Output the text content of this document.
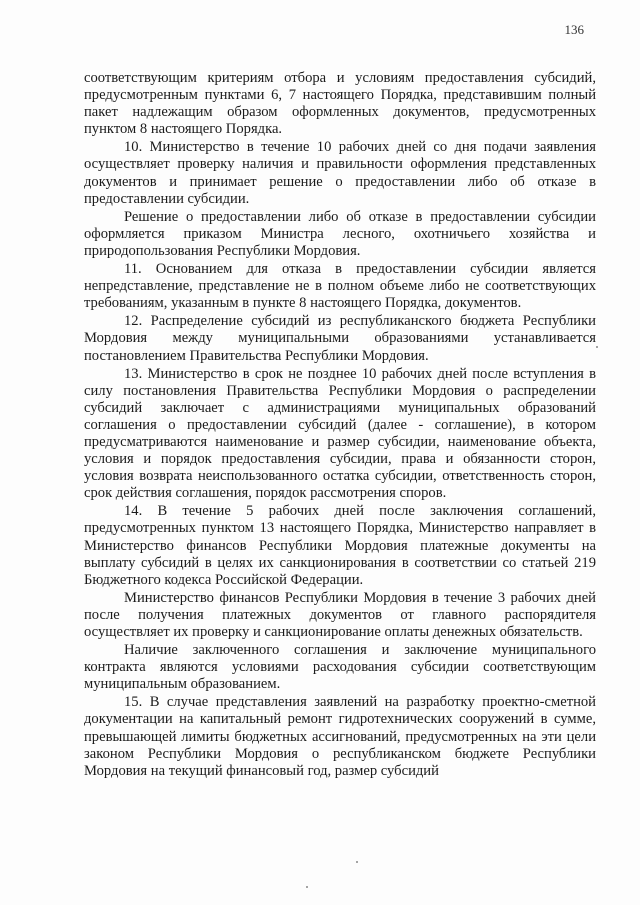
136

соответствующим критериям отбора и условиям предоставления субсидий, предусмотренным пунктами 6, 7 настоящего Порядка, представившим полный пакет надлежащим образом оформленных документов, предусмотренных пунктом 8 настоящего Порядка.

10. Министерство в течение 10 рабочих дней со дня подачи заявления осуществляет проверку наличия и правильности оформления представленных документов и принимает решение о предоставлении либо об отказе в предоставлении субсидии.

Решение о предоставлении либо об отказе в предоставлении субсидии оформляется приказом Министра лесного, охотничьего хозяйства и природопользования Республики Мордовия.

11. Основанием для отказа в предоставлении субсидии является непредставление, представление не в полном объеме либо не соответствующих требованиям, указанным в пункте 8 настоящего Порядка, документов.

12. Распределение субсидий из республиканского бюджета Республики Мордовия между муниципальными образованиями устанавливается постановлением Правительства Республики Мордовия.

13. Министерство в срок не позднее 10 рабочих дней после вступления в силу постановления Правительства Республики Мордовия о распределении субсидий заключает с администрациями муниципальных образований соглашения о предоставлении субсидий (далее - соглашение), в котором предусматриваются наименование и размер субсидии, наименование объекта, условия и порядок предоставления субсидии, права и обязанности сторон, условия возврата неиспользованного остатка субсидии, ответственность сторон, срок действия соглашения, порядок рассмотрения споров.

14. В течение 5 рабочих дней после заключения соглашений, предусмотренных пунктом 13 настоящего Порядка, Министерство направляет в Министерство финансов Республики Мордовия платежные документы на выплату субсидий в целях их санкционирования в соответствии со статьей 219 Бюджетного кодекса Российской Федерации.

Министерство финансов Республики Мордовия в течение 3 рабочих дней после получения платежных документов от главного распорядителя осуществляет их проверку и санкционирование оплаты денежных обязательств.

Наличие заключенного соглашения и заключение муниципального контракта являются условиями расходования субсидии соответствующим муниципальным образованием.

15. В случае представления заявлений на разработку проектно-сметной документации на капитальный ремонт гидротехнических сооружений в сумме, превышающей лимиты бюджетных ассигнований, предусмотренных на эти цели законом Республики Мордовия о республиканском бюджете Республики Мордовия на текущий финансовый год, размер субсидий
